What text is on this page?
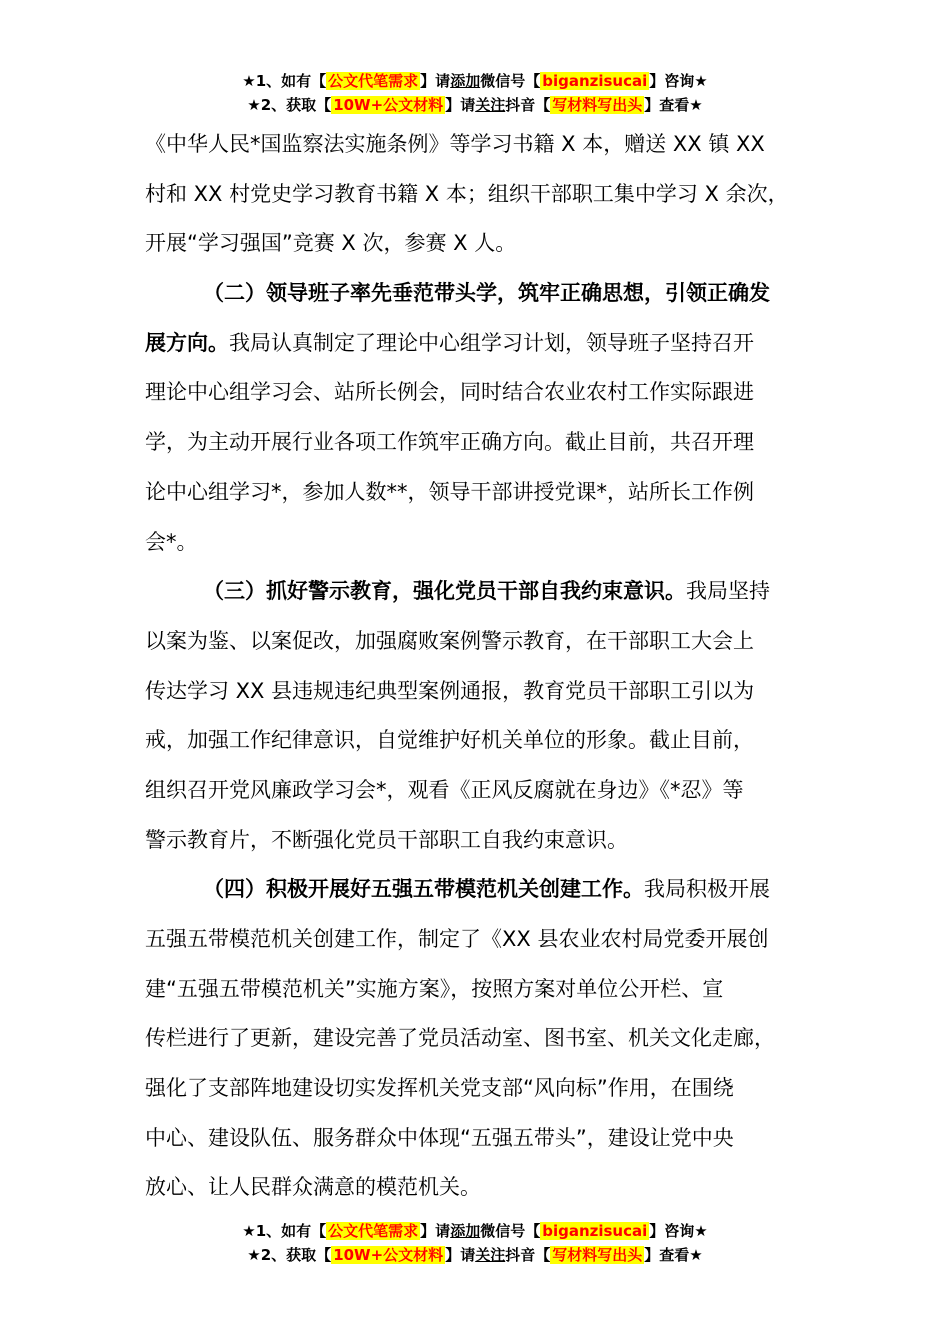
★1、如有【 公文代笔需求 】请添加微信号【 biganzisucai 】咨询★
★2、获取【 10W+公文材料 】请关注抖音【 写材料写出头 】查看★
《中华人民*国监察法实施条例》等学习书籍 X 本，赠送 XX 镇 XX
村和 XX 村党史学习教育书籍 X 本；组织干部职工集中学习 X 余次，
开展“学习强国”竞赛 X 次，参赛 X 人。
（二）领导班子率先垂范带头学，筑牢正确思想，引领正确发
展方向。我局认真制定了理论中心组学习计划，领导班子坚持召开
理论中心组学习会、站所长例会，同时结合农业农村工作实际跟进
学，为主动开展行业各项工作筑牢正确方向。截止目前，共召开理
论中心组学习*，参加人数**，领导干部讲授党课*，站所长工作例
会*。
（三）抓好警示教育，强化党员干部自我约束意识。我局坚持
以案为鉴、以案促改，加强腐败案例警示教育，在干部职工大会上
传达学习 XX 县违规违纪典型案例通报，教育党员干部职工引以为
戒，加强工作纪律意识，自觉维护好机关单位的形象。截止目前，
组织召开党风廉政学习会*，观看《正风反腐就在身边》《*忍》等
警示教育片，不断强化党员干部职工自我约束意识。
（四）积极开展好五强五带模范机关创建工作。我局积极开展
五强五带模范机关创建工作，制定了《XX 县农业农村局党委开展创
建“五强五带模范机关”实施方案》，按照方案对单位公开栏、宣
传栏进行了更新，建设完善了党员活动室、图书室、机关文化走廊，
强化了支部阵地建设切实发挥机关党支部“风向标”作用，在围绕
中心、建设队伍、服务群众中体现“五强五带头”，建设让党中央
放心、让人民群众满意的模范机关。
★1、如有【 公文代笔需求 】请添加微信号【 biganzisucai 】咨询★
★2、获取【 10W+公文材料 】请关注抖音【 写材料写出头 】查看★
